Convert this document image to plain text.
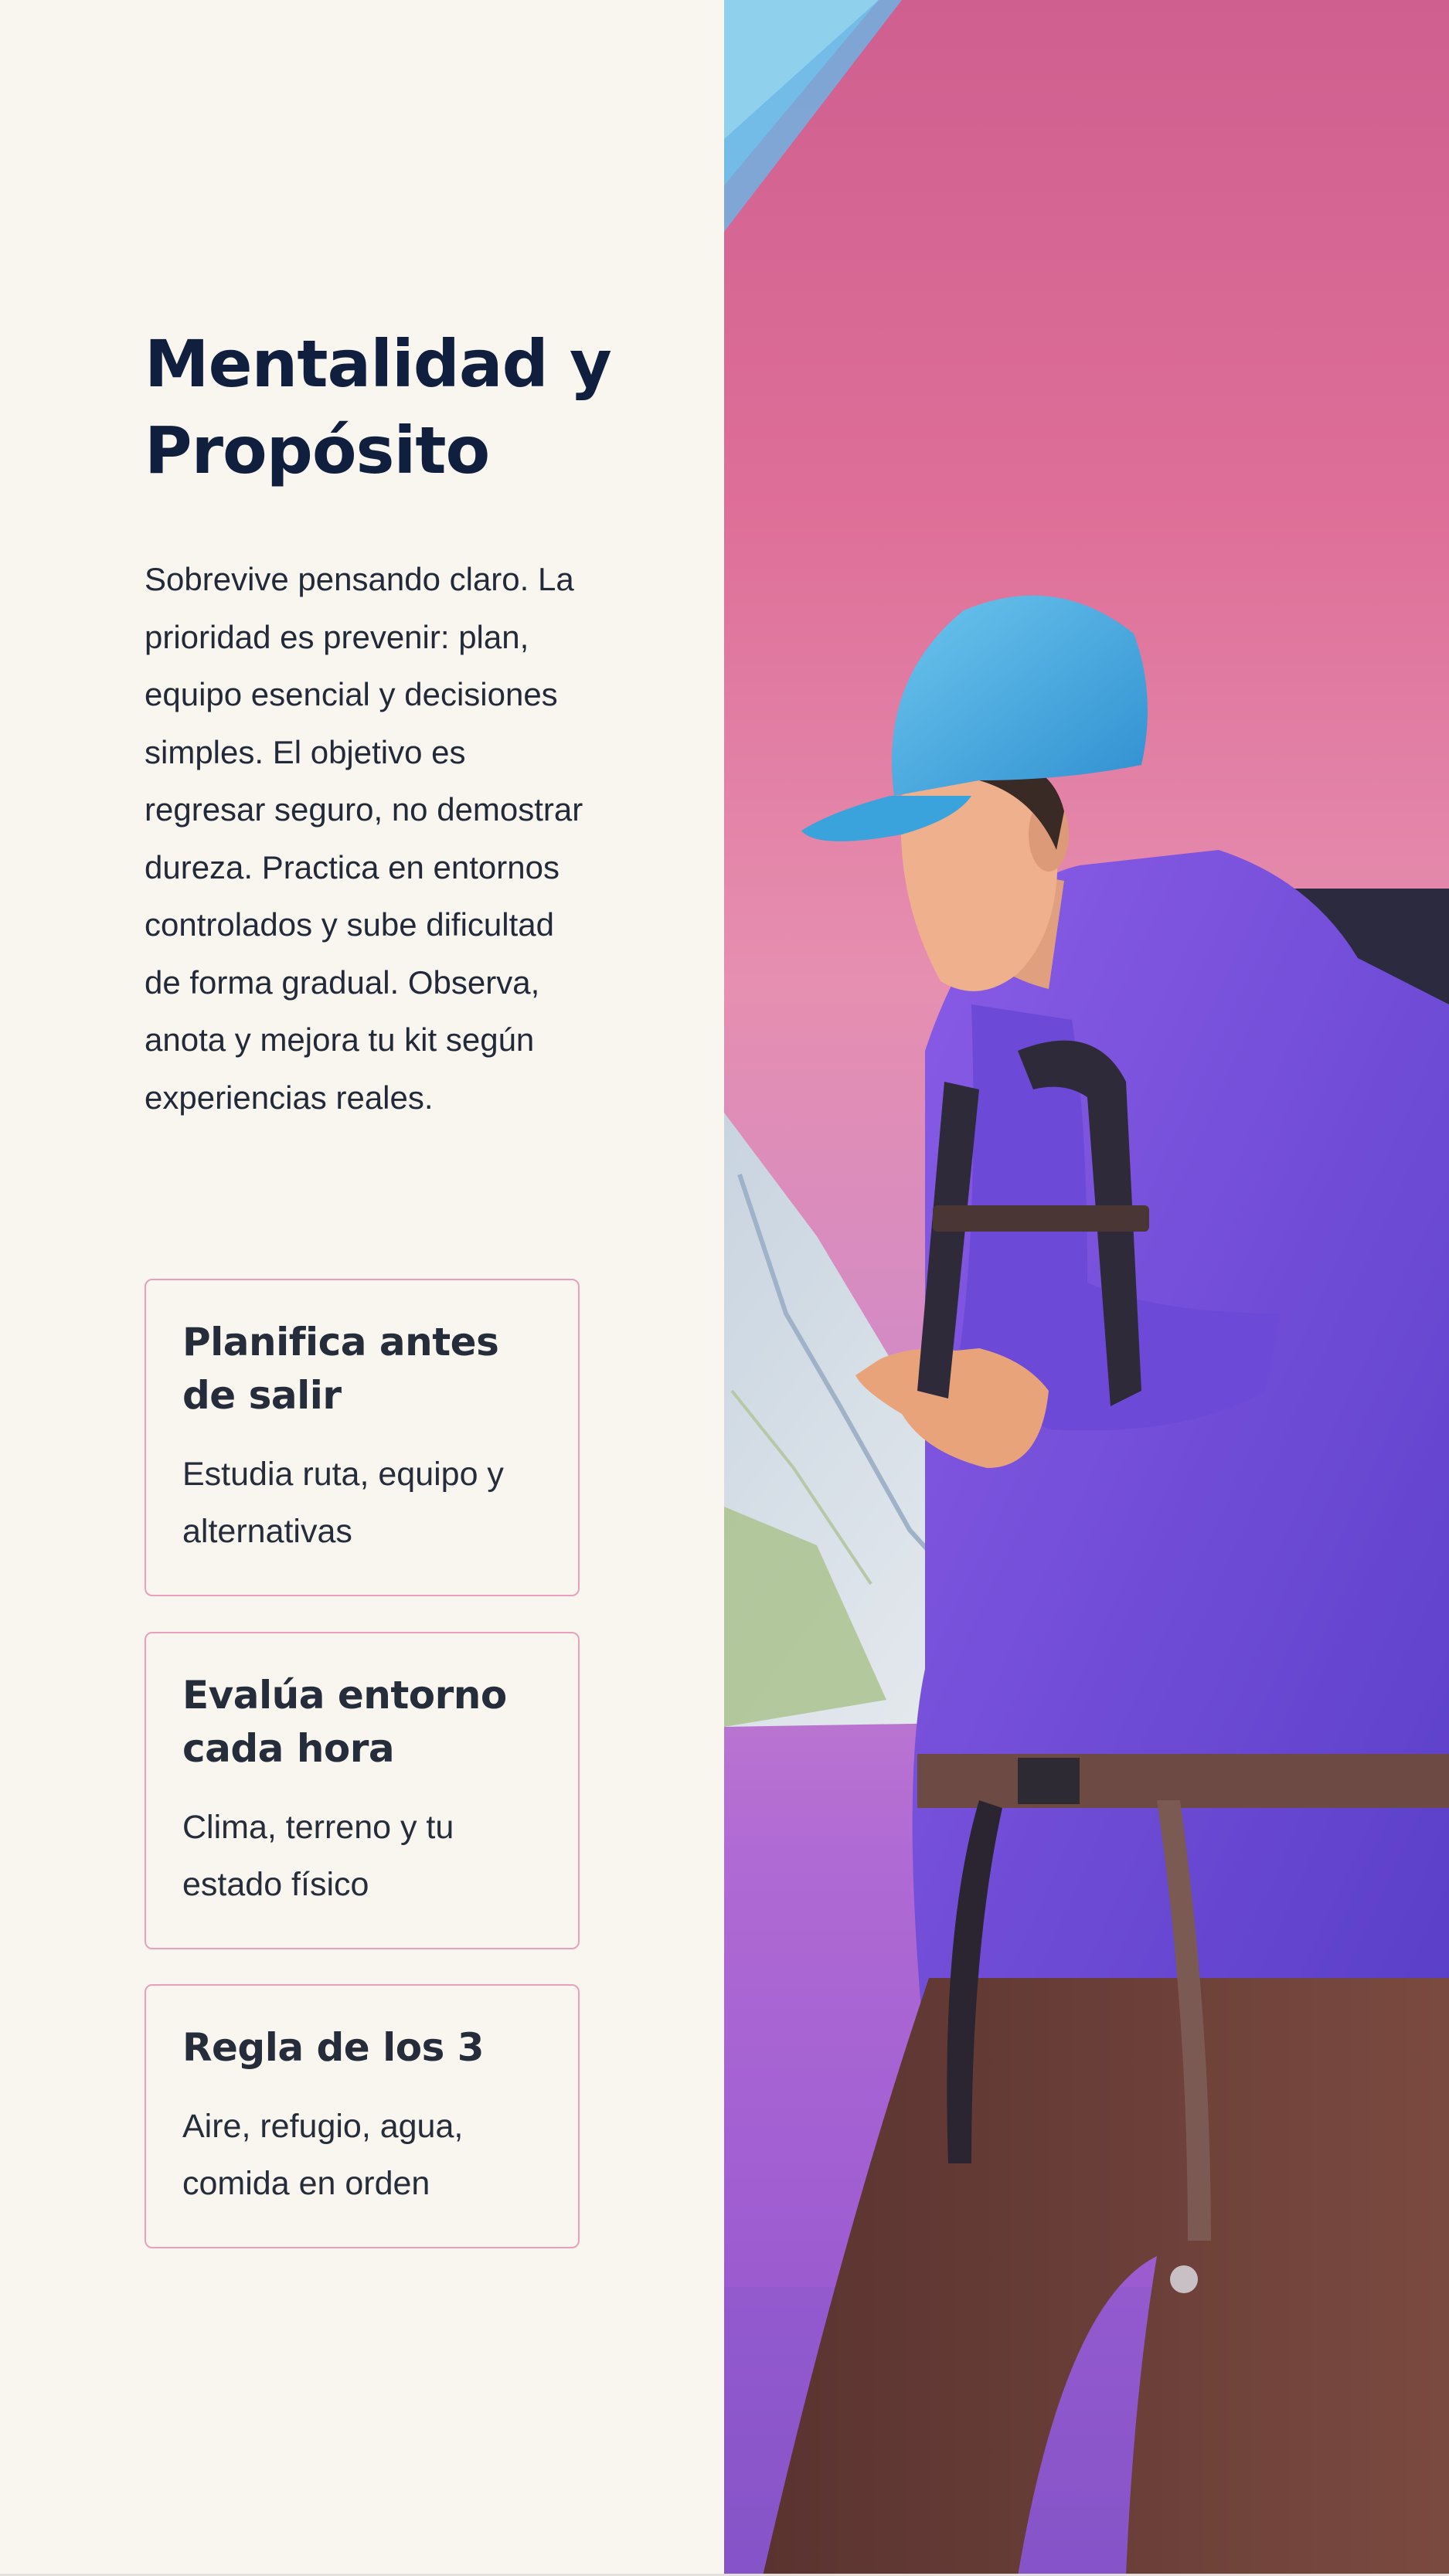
Mentalidad y Propósito

Sobrevive pensando claro. La prioridad es prevenir: plan, equipo esencial y decisiones simples. El objetivo es regresar seguro, no demostrar dureza. Practica en entornos controlados y sube dificultad de forma gradual. Observa, anota y mejora tu kit según experiencias reales.

Planifica antes de salir

Estudia ruta, equipo y alternativas

Evalúa entorno cada hora

Clima, terreno y tu estado físico

Regla de los 3

Aire, refugio, agua, comida en orden
